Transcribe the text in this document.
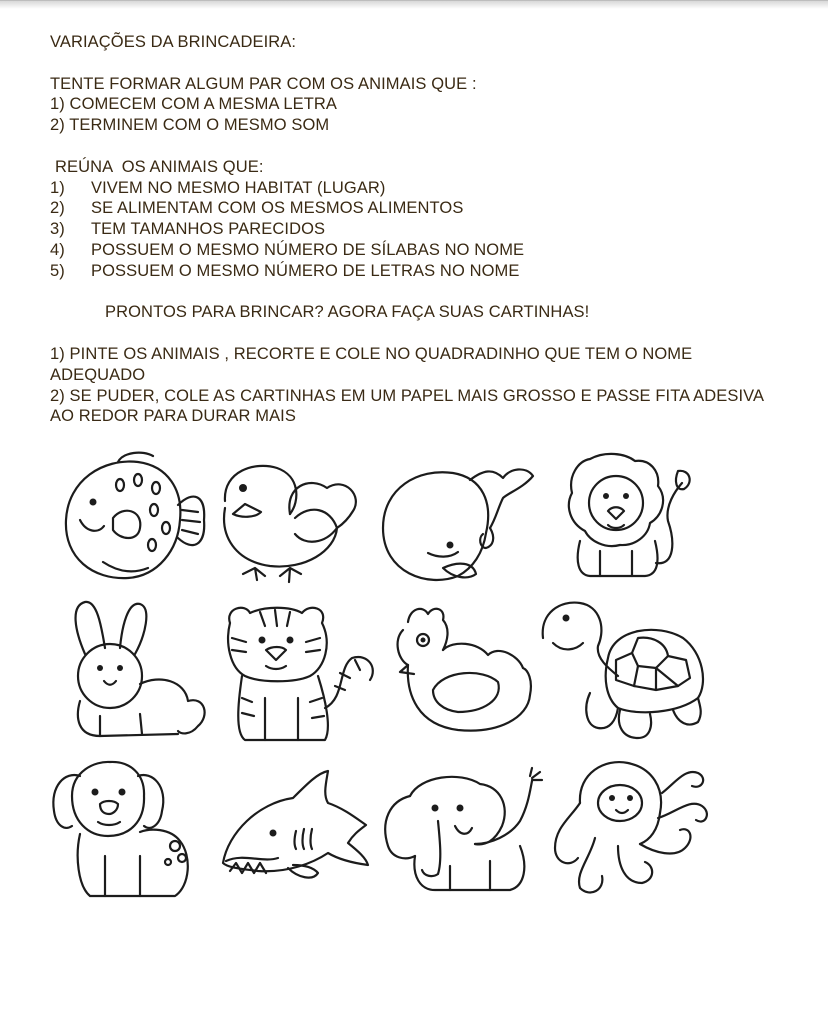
VARIAÇÕES DA BRINCADEIRA:
TENTE FORMAR ALGUM PAR COM OS ANIMAIS QUE :
1) COMECEM COM A MESMA LETRA
2) TERMINEM COM O MESMO SOM
REÚNA  OS ANIMAIS QUE:
1) VIVEM NO MESMO HABITAT (LUGAR)
2) SE ALIMENTAM COM OS MESMOS ALIMENTOS
3) TEM TAMANHOS PARECIDOS
4) POSSUEM O MESMO NÚMERO DE SÍLABAS NO NOME
5) POSSUEM O MESMO NÚMERO DE LETRAS NO NOME
PRONTOS PARA BRINCAR? AGORA FAÇA SUAS CARTINHAS!
1) PINTE OS ANIMAIS , RECORTE E COLE NO QUADRADINHO QUE TEM O NOME ADEQUADO
2) SE PUDER, COLE AS CARTINHAS EM UM PAPEL MAIS GROSSO E PASSE FITA ADESIVA AO REDOR PARA DURAR MAIS
